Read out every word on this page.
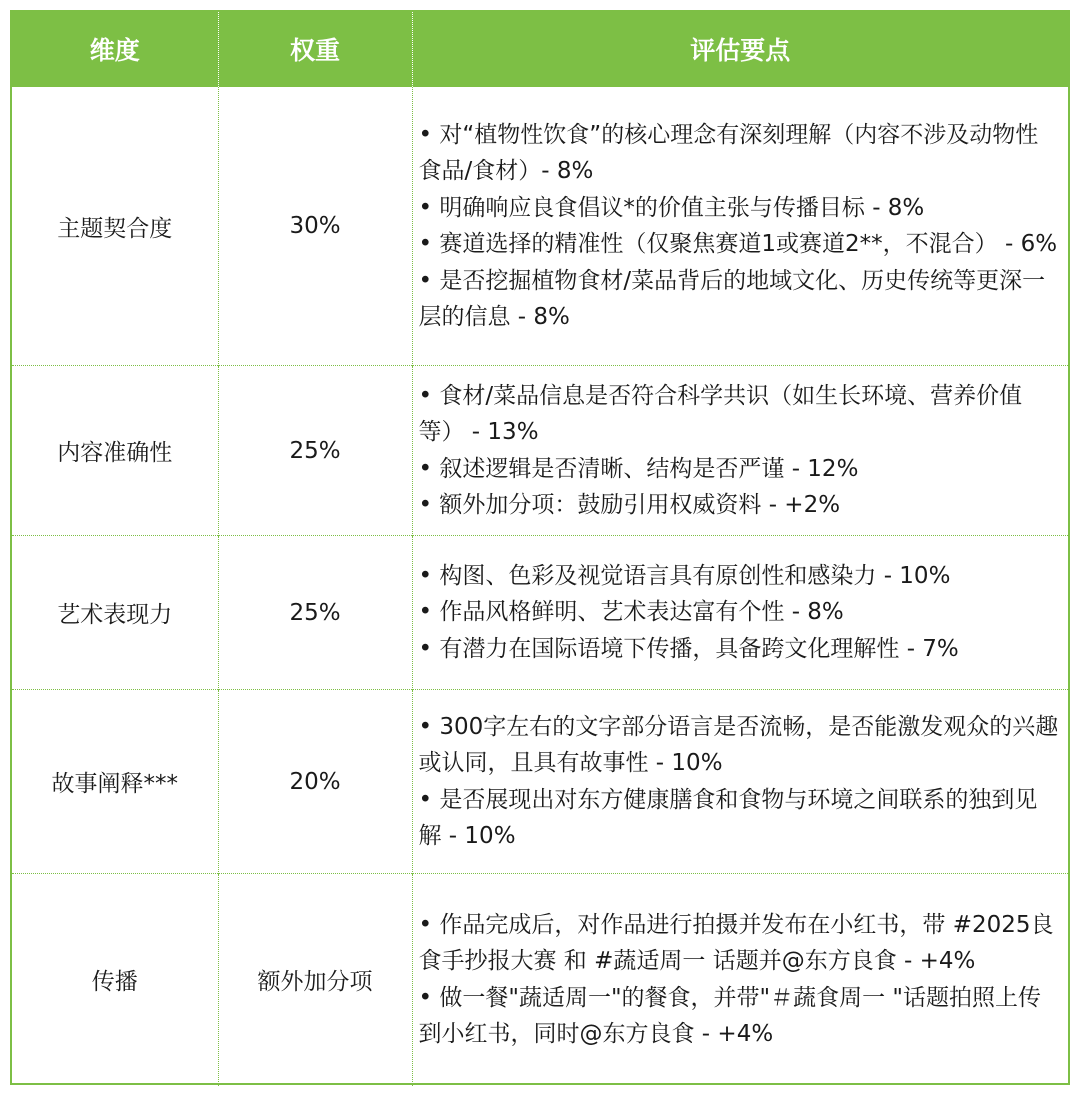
维度	权重	评估要点
主题契合度	30%	• 对“植物性饮食”的核心理念有深刻理解（内容不涉及动物性食品/食材）- 8%
• 明确响应良食倡议*的价值主张与传播目标 - 8%
• 赛道选择的精准性（仅聚焦赛道1或赛道2**，不混合） - 6%
• 是否挖掘植物食材/菜品背后的地域文化、历史传统等更深一层的信息 - 8%

内容准确性	25%	• 食材/菜品信息是否符合科学共识（如生长环境、营养价值等） - 13%
• 叙述逻辑是否清晰、结构是否严谨 - 12%
• 额外加分项：鼓励引用权威资料 - +2%

艺术表现力	25%	• 构图、色彩及视觉语言具有原创性和感染力 - 10%
• 作品风格鲜明、艺术表达富有个性 - 8%
• 有潜力在国际语境下传播，具备跨文化理解性 - 7%

故事阐释***	20%	• 300字左右的文字部分语言是否流畅，是否能激发观众的兴趣或认同，且具有故事性 - 10%
• 是否展现出对东方健康膳食和食物与环境之间联系的独到见解 - 10%

传播	额外加分项	• 作品完成后，对作品进行拍摄并发布在小红书，带 #2025良食手抄报大赛 和 #蔬适周一 话题并@东方良食 - +4%
• 做一餐"蔬适周一"的餐食，并带"＃蔬食周一 "话题拍照上传到小红书，同时@东方良食 - +4%
